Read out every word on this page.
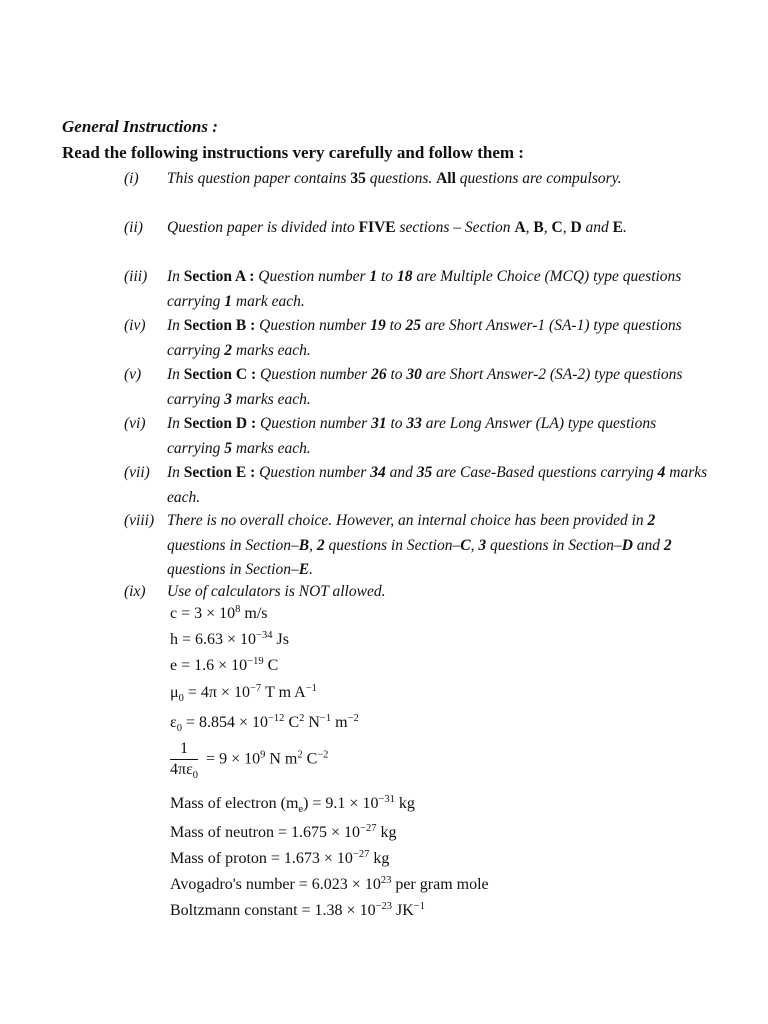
General Instructions :
Read the following instructions very carefully and follow them :
(i) This question paper contains 35 questions. All questions are compulsory.
(ii) Question paper is divided into FIVE sections – Section A, B, C, D and E.
(iii) In Section A : Question number 1 to 18 are Multiple Choice (MCQ) type questions carrying 1 mark each.
(iv) In Section B : Question number 19 to 25 are Short Answer-1 (SA-1) type questions carrying 2 marks each.
(v) In Section C : Question number 26 to 30 are Short Answer-2 (SA-2) type questions carrying 3 marks each.
(vi) In Section D : Question number 31 to 33 are Long Answer (LA) type questions carrying 5 marks each.
(vii) In Section E : Question number 34 and 35 are Case-Based questions carrying 4 marks each.
(viii) There is no overall choice. However, an internal choice has been provided in 2 questions in Section–B, 2 questions in Section–C, 3 questions in Section–D and 2 questions in Section–E.
(ix) Use of calculators is NOT allowed.
$c = 3 \times 10^8$ m/s
$h = 6.63 \times 10^{-34}$ Js
$e = 1.6 \times 10^{-19}$ C
$\mu_0 = 4\pi \times 10^{-7}$ T m $A^{-1}$
$\varepsilon_0 = 8.854 \times 10^{-12}$ $C^2$ $N^{-1}$ $m^{-2}$
$\frac{1}{4\pi\varepsilon_0} = 9 \times 10^9$ N $m^2$ $C^{-2}$
Mass of electron $(m_e) = 9.1 \times 10^{-31}$ kg
Mass of neutron = $1.675 \times 10^{-27}$ kg
Mass of proton = $1.673 \times 10^{-27}$ kg
Avogadro's number = $6.023 \times 10^{23}$ per gram mole
Boltzmann constant = $1.38 \times 10^{-23}$ $JK^{-1}$
